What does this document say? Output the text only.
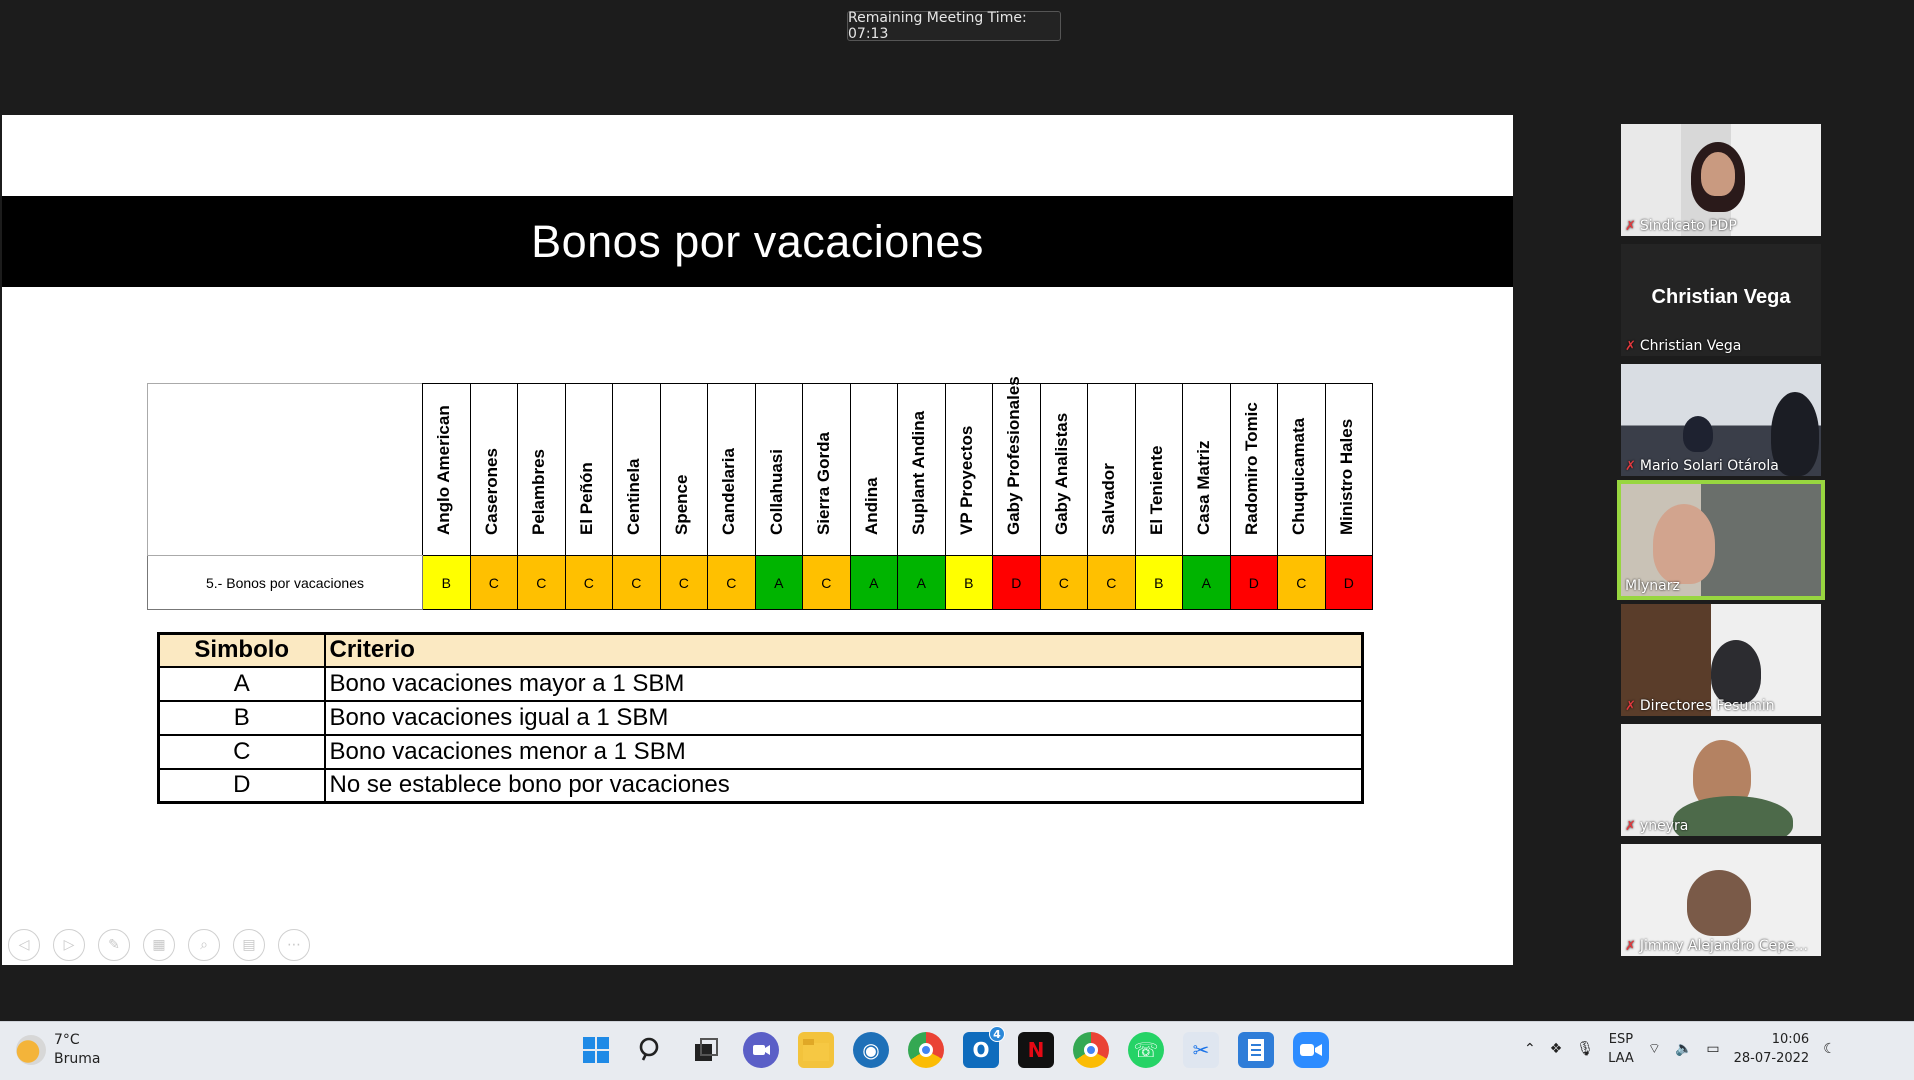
Remaining Meeting Time: 07:13
Bonos por vacaciones

	Anglo American	Caserones	Pelambres	El Peñón	Centinela	Spence	Candelaria	Collahuasi	Sierra Gorda	Andina	Suplant Andina	VP Proyectos	Gaby Profesionales	Gaby Analistas	Salvador	El Teniente	Casa Matriz	Radomiro Tomic	Chuquicamata	Ministro Hales

5.- Bonos por vacaciones	B	C	C	C	C	C	C	A	C	A	A	B	D	C	C	B	A	D	C	D
Simbolo	Criterio
A	Bono vacaciones mayor a 1 SBM
B	Bono vacaciones igual a 1 SBM
C	Bono vacaciones menor a 1 SBM
D	No se establece bono por vacaciones
◁	▷	✎	▦	⌕	▤	⋯
✗ Sindicato PDP
Christian Vega
✗ Christian Vega
✗ Mario Solari Otárola
Mlynarz
✗ Directores Fesumin
✗ yneyra
✗ Jimmy Alejandro Cepe...
7°C
Bruma	◉	O
4
N	☏	✂	⌃ ❖ 🎙
ESP
LAA
⌔ 🔈 ▭
10:06
28-07-2022
☾
